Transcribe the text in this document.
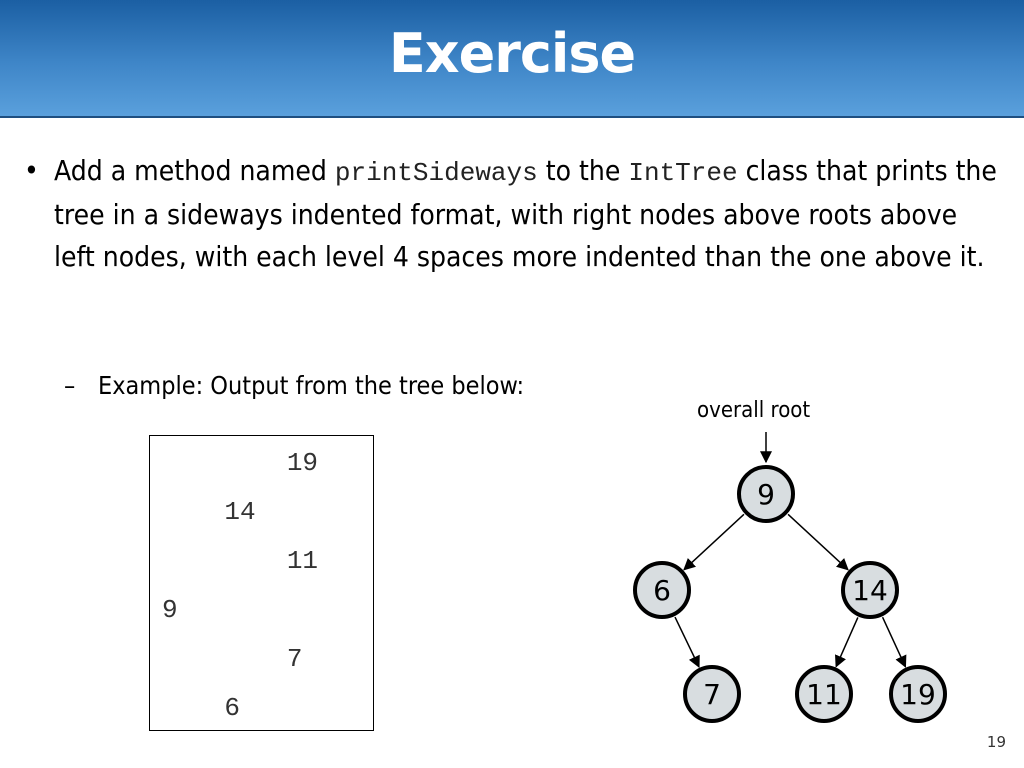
Exercise
• Add a method named printSideways to the IntTree class that prints the tree in a sideways indented format, with right nodes above roots above left nodes, with each level 4 spaces more indented than the one above it.
– Example: Output from the tree below:
19
14
11
9
7
6
overall root
9
6	14
7	11 19
19
